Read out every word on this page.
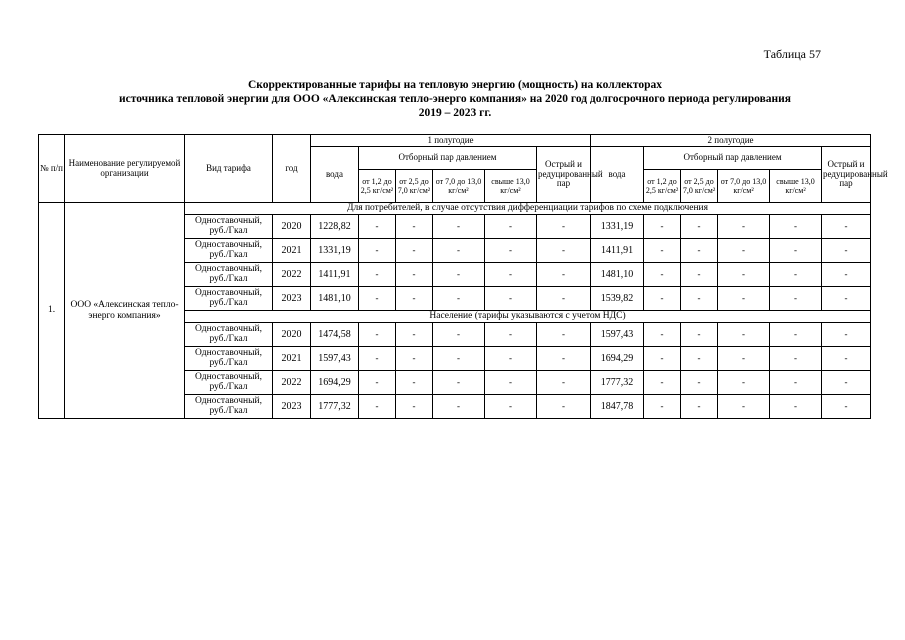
Таблица 57
Скорректированные тарифы на тепловую энергию (мощность) на коллекторах
источника тепловой энергии для ООО «Алексинская тепло-энерго компания» на 2020 год долгосрочного периода регулирования
2019 – 2023 гг.
№ п/п	Наименование регулируемой организации	Вид тарифа	год	1 полугодие						2 полугодие					
				вода	Отборный пар давлением				Острый и редуцированный пар	вода	Отборный пар давлением				Острый и редуцированный пар
					от 1,2 до 2,5 кг/см²	от 2,5 до 7,0 кг/см²	от 7,0 до 13,0 кг/см²	свыше 13,0 кг/см²			от 1,2 до 2,5 кг/см²	от 2,5 до 7,0 кг/см²	от 7,0 до 13,0 кг/см²	свыше 13,0 кг/см²	
1.	ООО «Алексинская тепло-энерго компания»	Для потребителей, в случае отсутствия дифференциации тарифов по схеме подключения													
		Одноставочный, руб./Гкал	2020	1228,82	-	-	-	-	-	1331,19	-	-	-	-	-
		Одноставочный, руб./Гкал	2021	1331,19	-	-	-	-	-	1411,91	-	-	-	-	-
		Одноставочный, руб./Гкал	2022	1411,91	-	-	-	-	-	1481,10	-	-	-	-	-
		Одноставочный, руб./Гкал	2023	1481,10	-	-	-	-	-	1539,82	-	-	-	-	-
		Население (тарифы указываются с учетом НДС)													
		Одноставочный, руб./Гкал	2020	1474,58	-	-	-	-	-	1597,43	-	-	-	-	-
		Одноставочный, руб./Гкал	2021	1597,43	-	-	-	-	-	1694,29	-	-	-	-	-
		Одноставочный, руб./Гкал	2022	1694,29	-	-	-	-	-	1777,32	-	-	-	-	-
		Одноставочный, руб./Гкал	2023	1777,32	-	-	-	-	-	1847,78	-	-	-	-	-
